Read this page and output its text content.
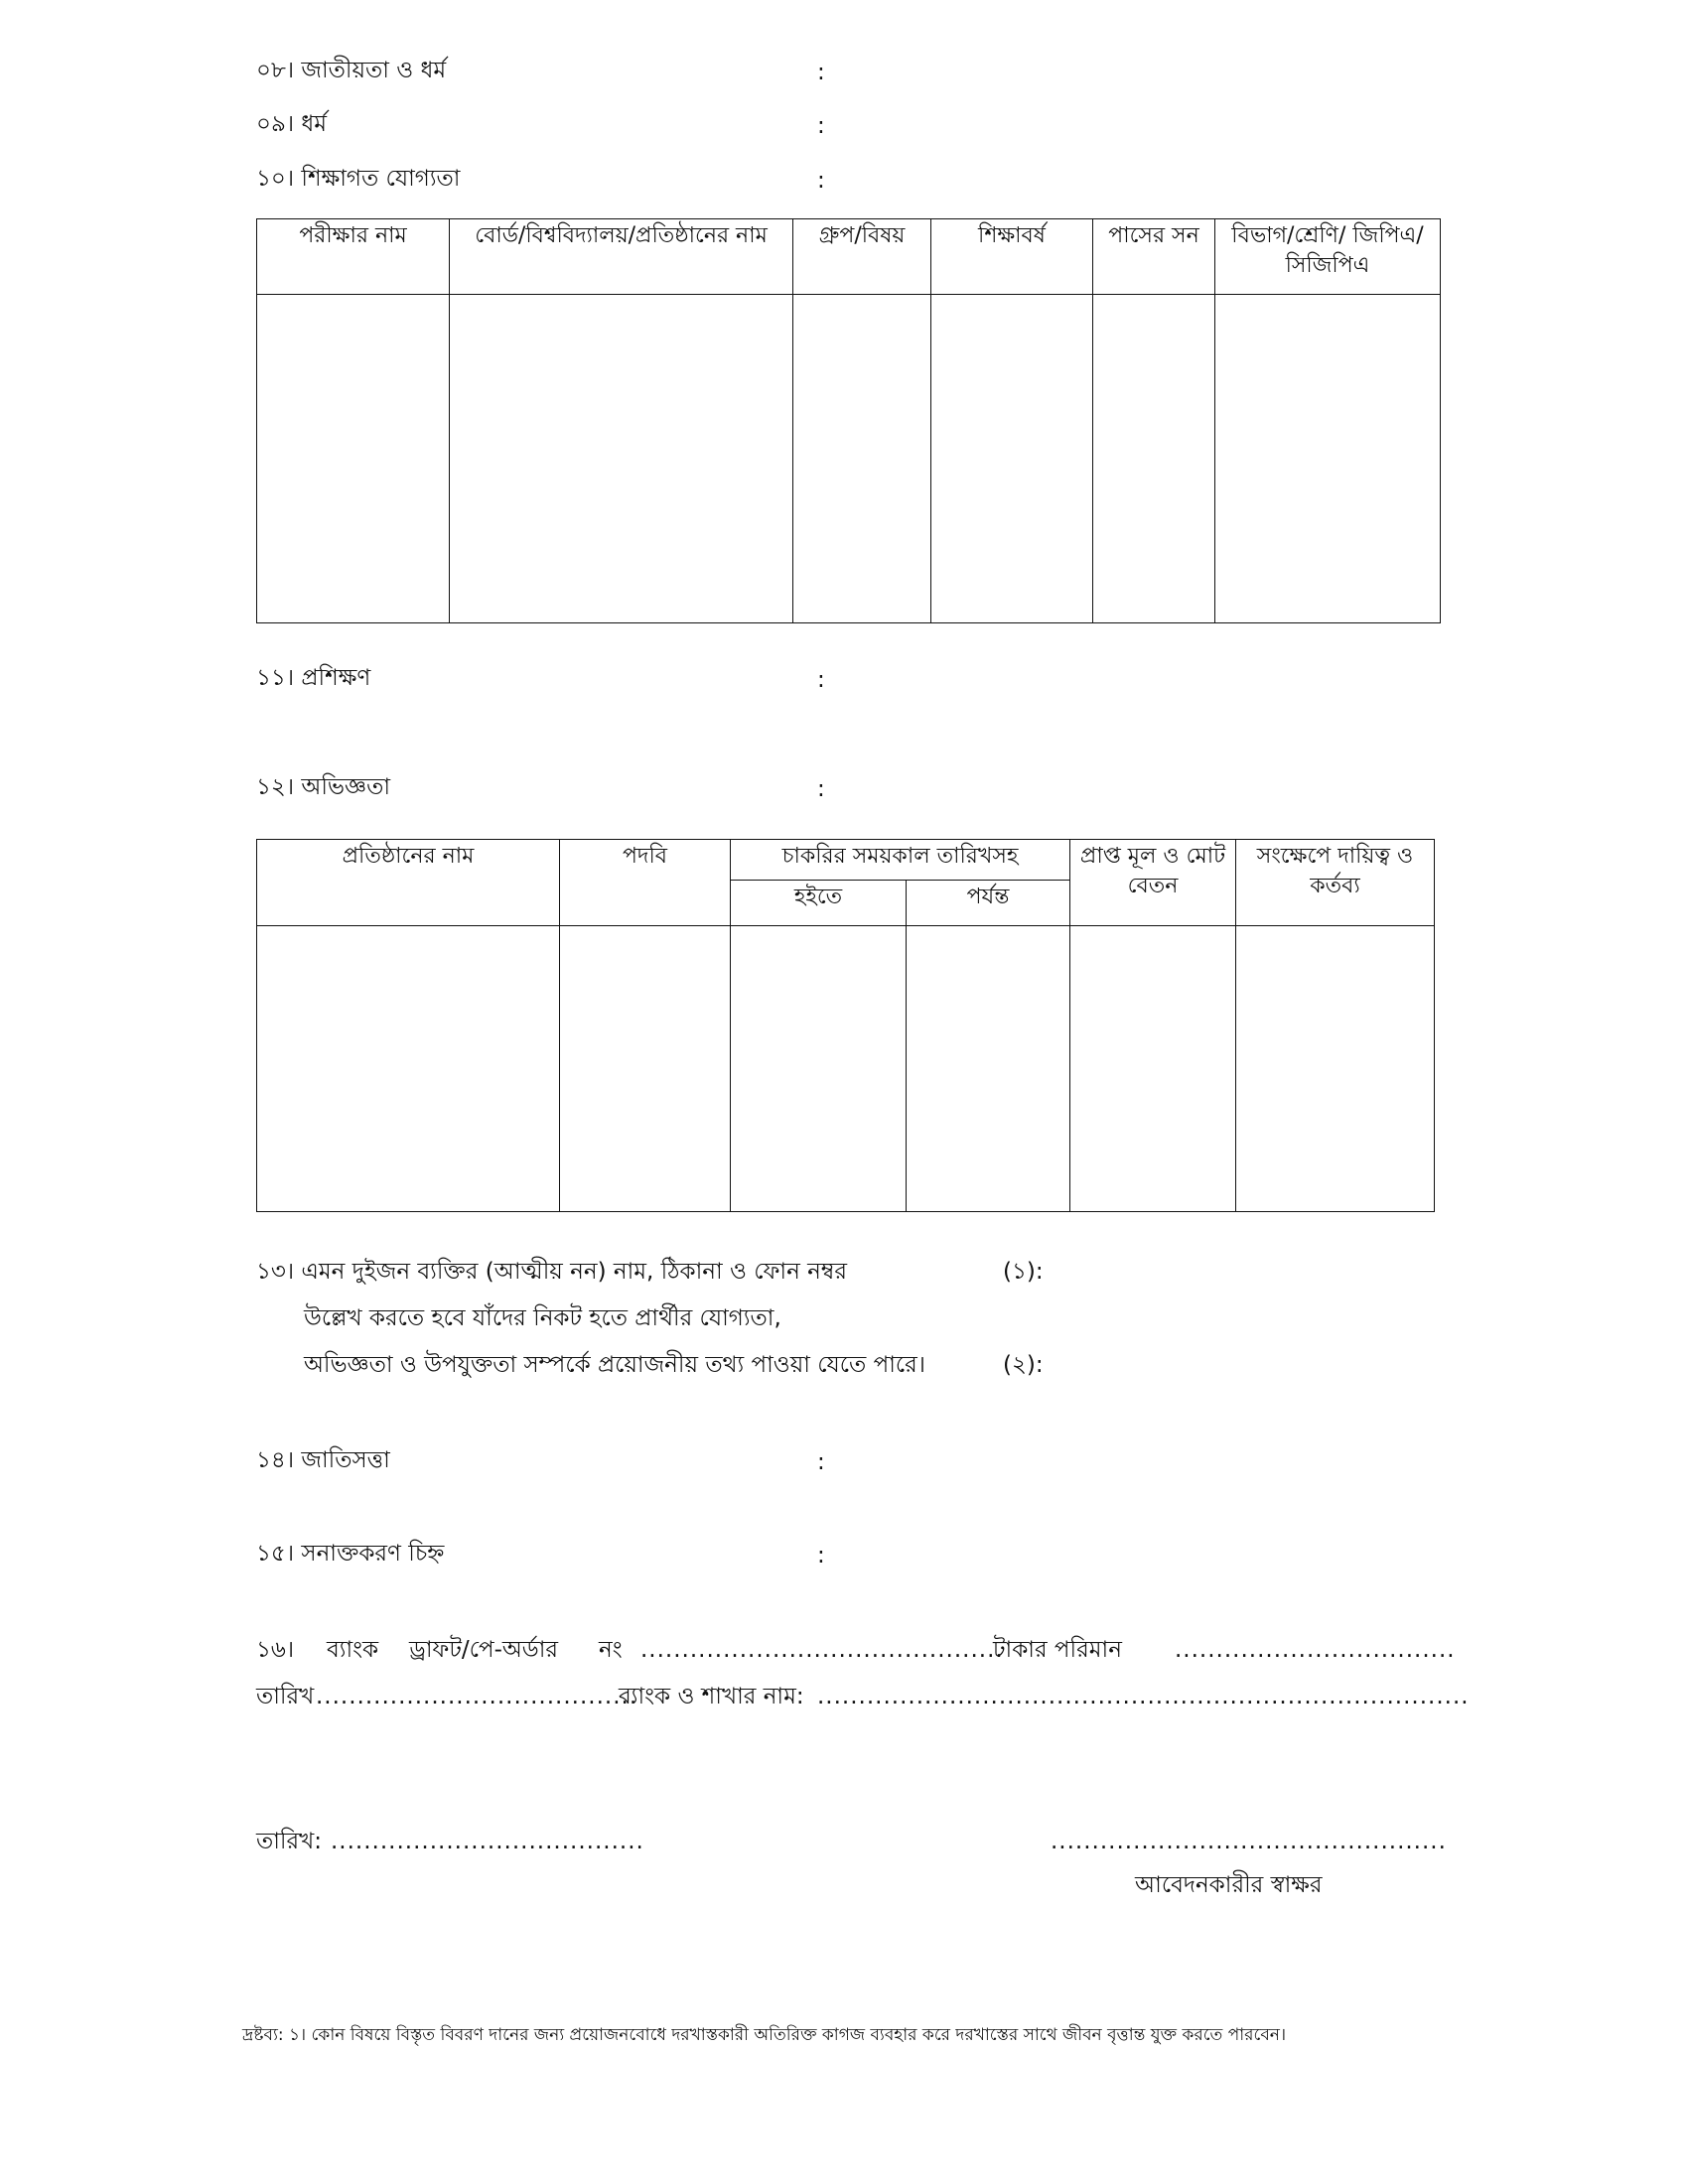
০৮। জাতীয়তা ও ধর্ম	:
০৯। ধর্ম	:
১০। শিক্ষাগত যোগ্যতা	:
পরীক্ষার নাম	বোর্ড/বিশ্ববিদ্যালয়/প্রতিষ্ঠানের নাম	গ্রুপ/বিষয়	শিক্ষাবর্ষ	পাসের সন	বিভাগ/শ্রেণি/ জিপিএ/সিজিপিএ

১১। প্রশিক্ষণ	:
১২। অভিজ্ঞতা	:
প্রতিষ্ঠানের নাম	পদবি	চাকরির সময়কাল তারিখসহ		প্রাপ্ত মূল ও মোট বেতন	সংক্ষেপে দায়িত্ব ও কর্তব্য
		হইতে	পর্যন্ত		

১৩। এমন দুইজন ব্যক্তির (আত্মীয় নন) নাম, ঠিকানা ও ফোন নম্বর	(১):
উল্লেখ করতে হবে যাঁদের নিকট হতে প্রার্থীর যোগ্যতা,
অভিজ্ঞতা ও উপযুক্ততা সম্পর্কে প্রয়োজনীয় তথ্য পাওয়া যেতে পারে।	(২):
১৪। জাতিসত্তা	:
১৫। সনাক্তকরণ চিহ্ন	:
১৬। ব্যাংক ড্রাফট/পে-অর্ডার নং ............................................
টাকার পরিমান ..................................
তারিখ .......................................
ব্যাংক ও শাখার নাম: ...............................................................................
তারিখ: ......................................	................................................
আবেদনকারীর স্বাক্ষর
দ্রষ্টব্য: ১। কোন বিষয়ে বিস্তৃত বিবরণ দানের জন্য প্রয়োজনবোধে দরখাস্তকারী অতিরিক্ত কাগজ ব্যবহার করে দরখাস্তের সাথে জীবন বৃত্তান্ত যুক্ত করতে পারবেন।
